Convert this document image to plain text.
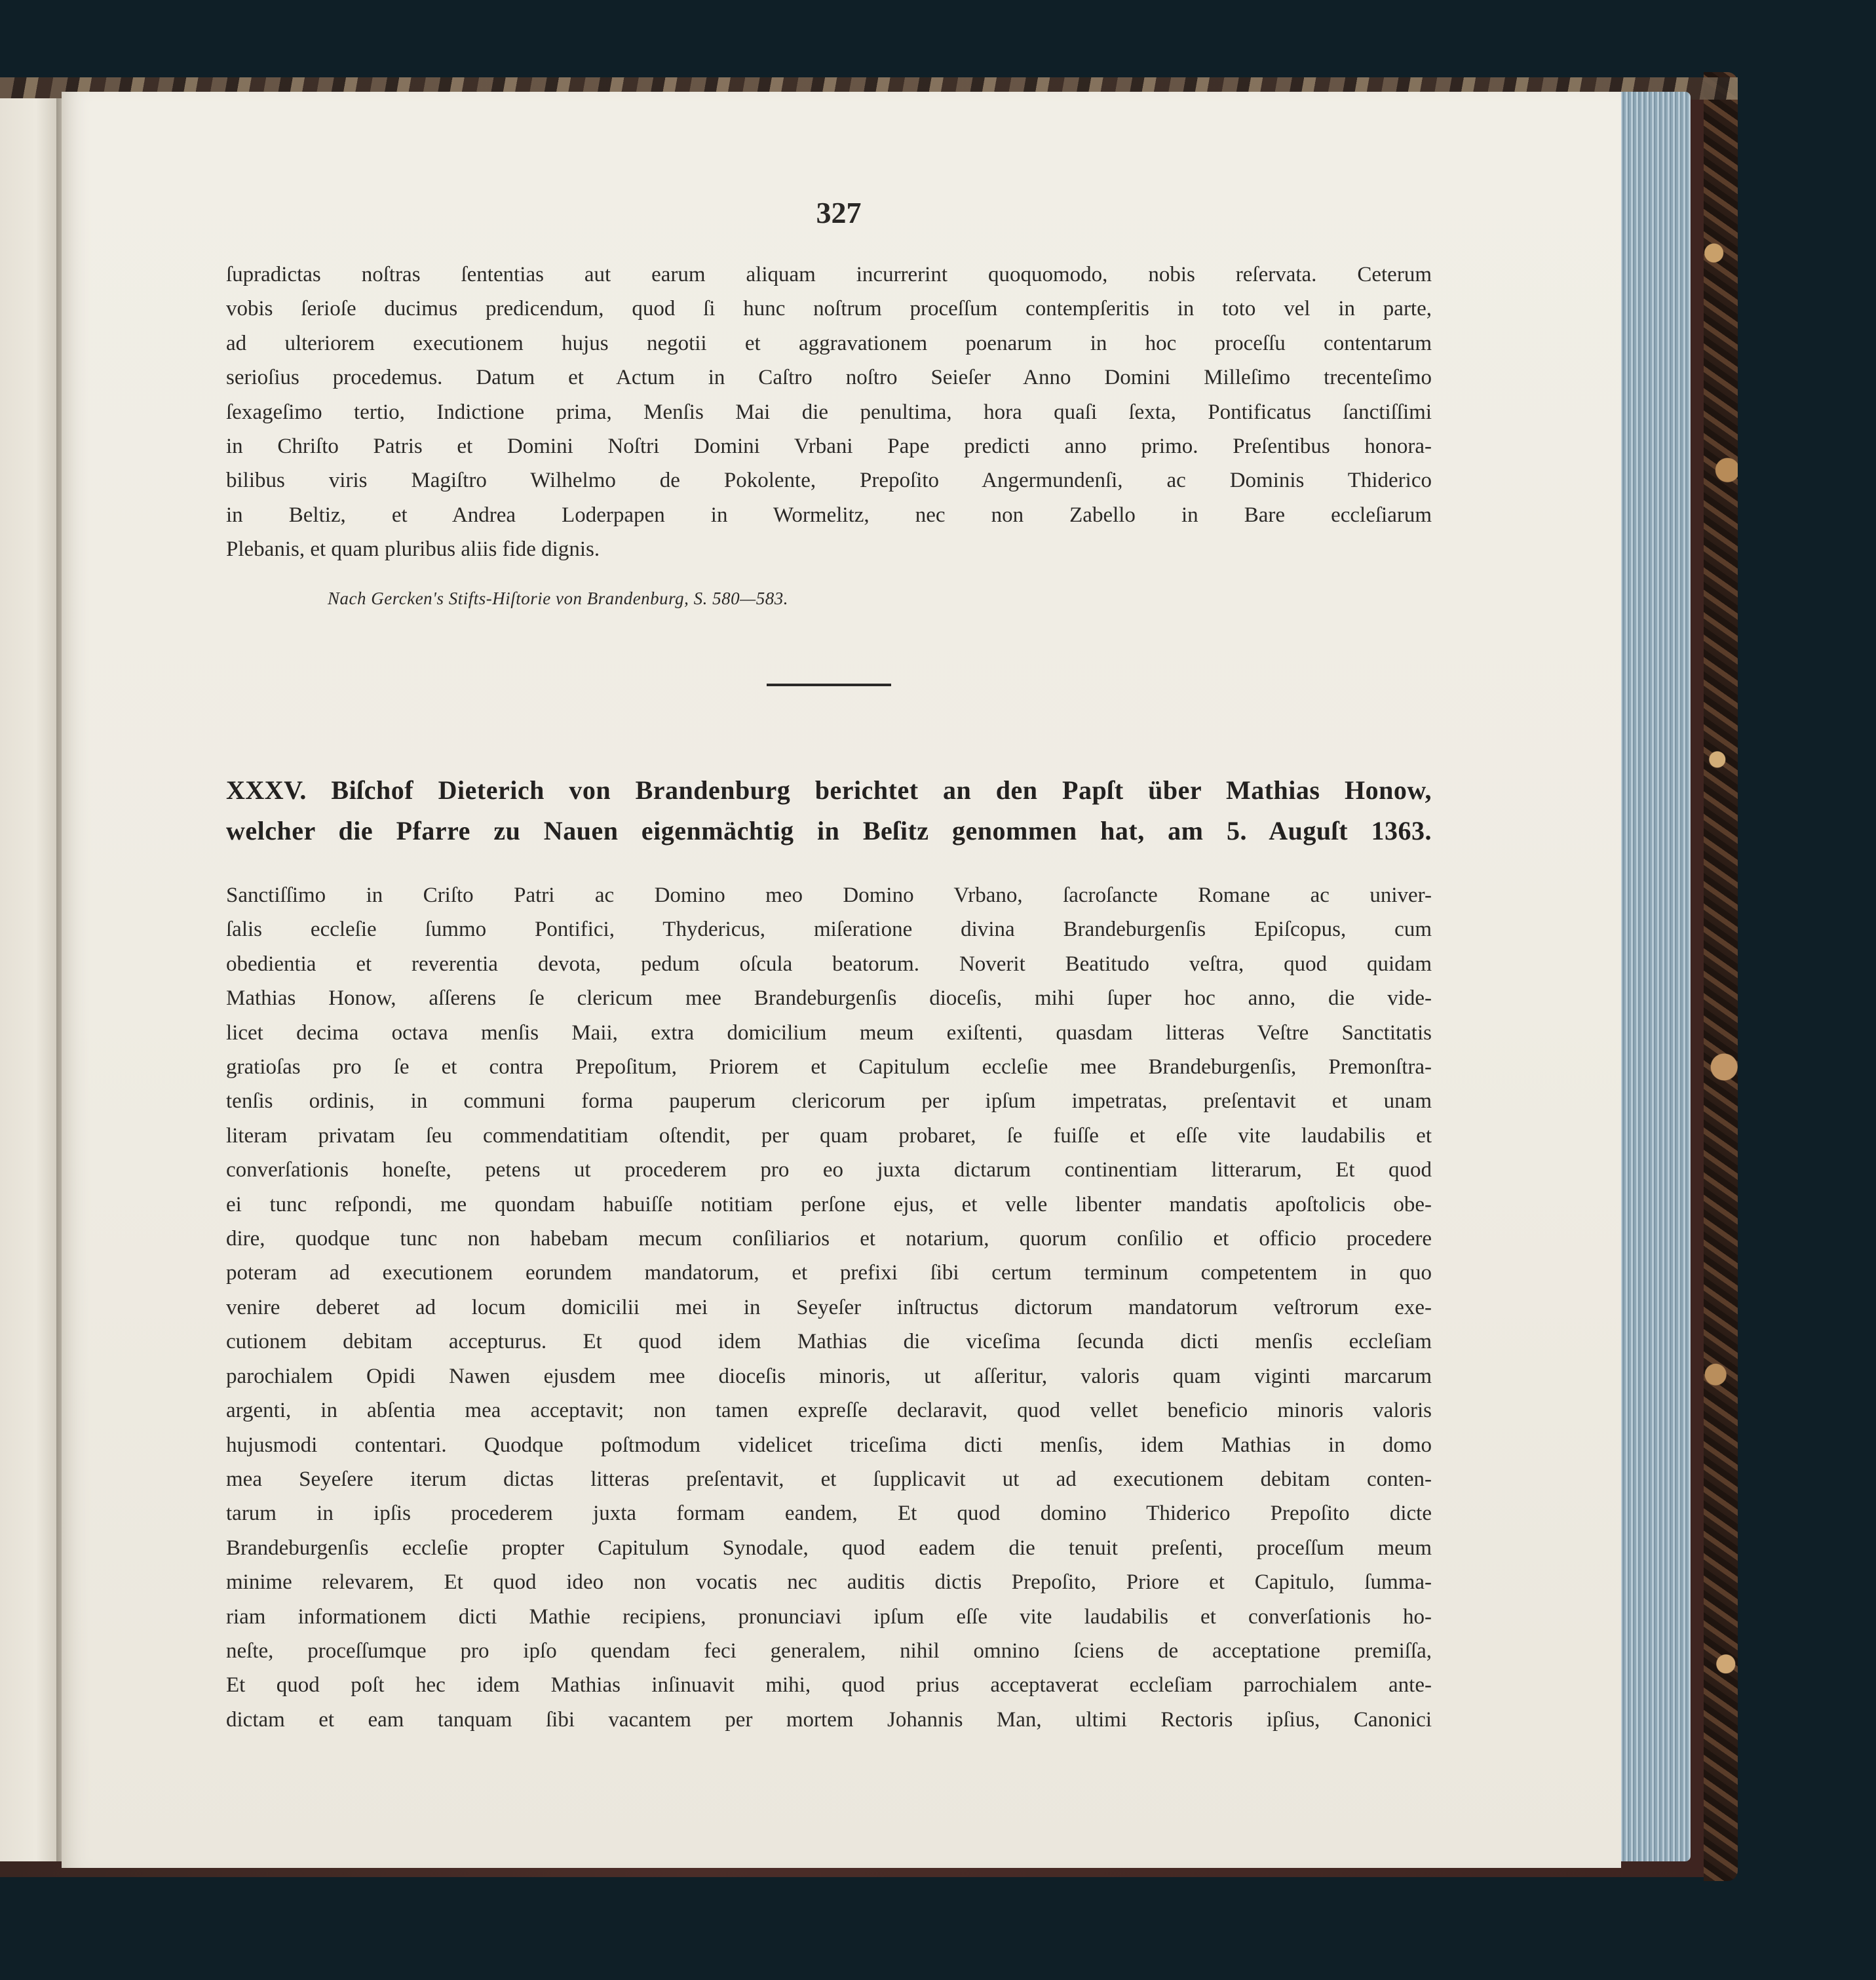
327
ſupradictas noſtras ſententias aut earum aliquam incurrerint quoquomodo, nobis reſervata. Ceterum
vobis ſerioſe ducimus predicendum, quod ſi hunc noſtrum proceſſum contempſeritis in toto vel in parte,
ad ulteriorem executionem hujus negotii et aggravationem poenarum in hoc proceſſu contentarum
serioſius procedemus. Datum et Actum in Caſtro noſtro Seieſer Anno Domini Milleſimo trecenteſimo
ſexageſimo tertio, Indictione prima, Menſis Mai die penultima, hora quaſi ſexta, Pontificatus ſanctiſſimi
in Chriſto Patris et Domini Noſtri Domini Vrbani Pape predicti anno primo. Preſentibus honora-
bilibus viris Magiſtro Wilhelmo de Pokolente, Prepoſito Angermundenſi, ac Dominis Thiderico
in Beltiz, et Andrea Loderpapen in Wormelitz, nec non Zabello in Bare eccleſiarum
Plebanis, et quam pluribus aliis fide dignis.
Nach Gercken's Stifts-Hiſtorie von Brandenburg, S. 580—583.
XXXV. Biſchof Dieterich von Brandenburg berichtet an den Papſt über Mathias Honow,
welcher die Pfarre zu Nauen eigenmächtig in Beſitz genommen hat, am 5. Auguſt 1363.
Sanctiſſimo in Criſto Patri ac Domino meo Domino Vrbano, ſacroſancte Romane ac univer-
ſalis eccleſie ſummo Pontifici, Thydericus, miſeratione divina Brandeburgenſis Epiſcopus, cum
obedientia et reverentia devota, pedum oſcula beatorum. Noverit Beatitudo veſtra, quod quidam
Mathias Honow, aſſerens ſe clericum mee Brandeburgenſis dioceſis, mihi ſuper hoc anno, die vide-
licet decima octava menſis Maii, extra domicilium meum exiſtenti, quasdam litteras Veſtre Sanctitatis
gratioſas pro ſe et contra Prepoſitum, Priorem et Capitulum eccleſie mee Brandeburgenſis, Premonſtra-
tenſis ordinis, in communi forma pauperum clericorum per ipſum impetratas, preſentavit et unam
literam privatam ſeu commendatitiam oſtendit, per quam probaret, ſe fuiſſe et eſſe vite laudabilis et
converſationis honeſte, petens ut procederem pro eo juxta dictarum continentiam litterarum, Et quod
ei tunc reſpondi, me quondam habuiſſe notitiam perſone ejus, et velle libenter mandatis apoſtolicis obe-
dire, quodque tunc non habebam mecum conſiliarios et notarium, quorum conſilio et officio procedere
poteram ad executionem eorundem mandatorum, et prefixi ſibi certum terminum competentem in quo
venire deberet ad locum domicilii mei in Seyeſer inſtructus dictorum mandatorum veſtrorum exe-
cutionem debitam accepturus. Et quod idem Mathias die viceſima ſecunda dicti menſis eccleſiam
parochialem Opidi Nawen ejusdem mee dioceſis minoris, ut aſſeritur, valoris quam viginti marcarum
argenti, in abſentia mea acceptavit; non tamen expreſſe declaravit, quod vellet beneficio minoris valoris
hujusmodi contentari. Quodque poſtmodum videlicet triceſima dicti menſis, idem Mathias in domo
mea Seyeſere iterum dictas litteras preſentavit, et ſupplicavit ut ad executionem debitam conten-
tarum in ipſis procederem juxta formam eandem, Et quod domino Thiderico Prepoſito dicte
Brandeburgenſis eccleſie propter Capitulum Synodale, quod eadem die tenuit preſenti, proceſſum meum
minime relevarem, Et quod ideo non vocatis nec auditis dictis Prepoſito, Priore et Capitulo, ſumma-
riam informationem dicti Mathie recipiens, pronunciavi ipſum eſſe vite laudabilis et converſationis ho-
neſte, proceſſumque pro ipſo quendam feci generalem, nihil omnino ſciens de acceptatione premiſſa,
Et quod poſt hec idem Mathias inſinuavit mihi, quod prius acceptaverat eccleſiam parrochialem ante-
dictam et eam tanquam ſibi vacantem per mortem Johannis Man, ultimi Rectoris ipſius, Canonici
